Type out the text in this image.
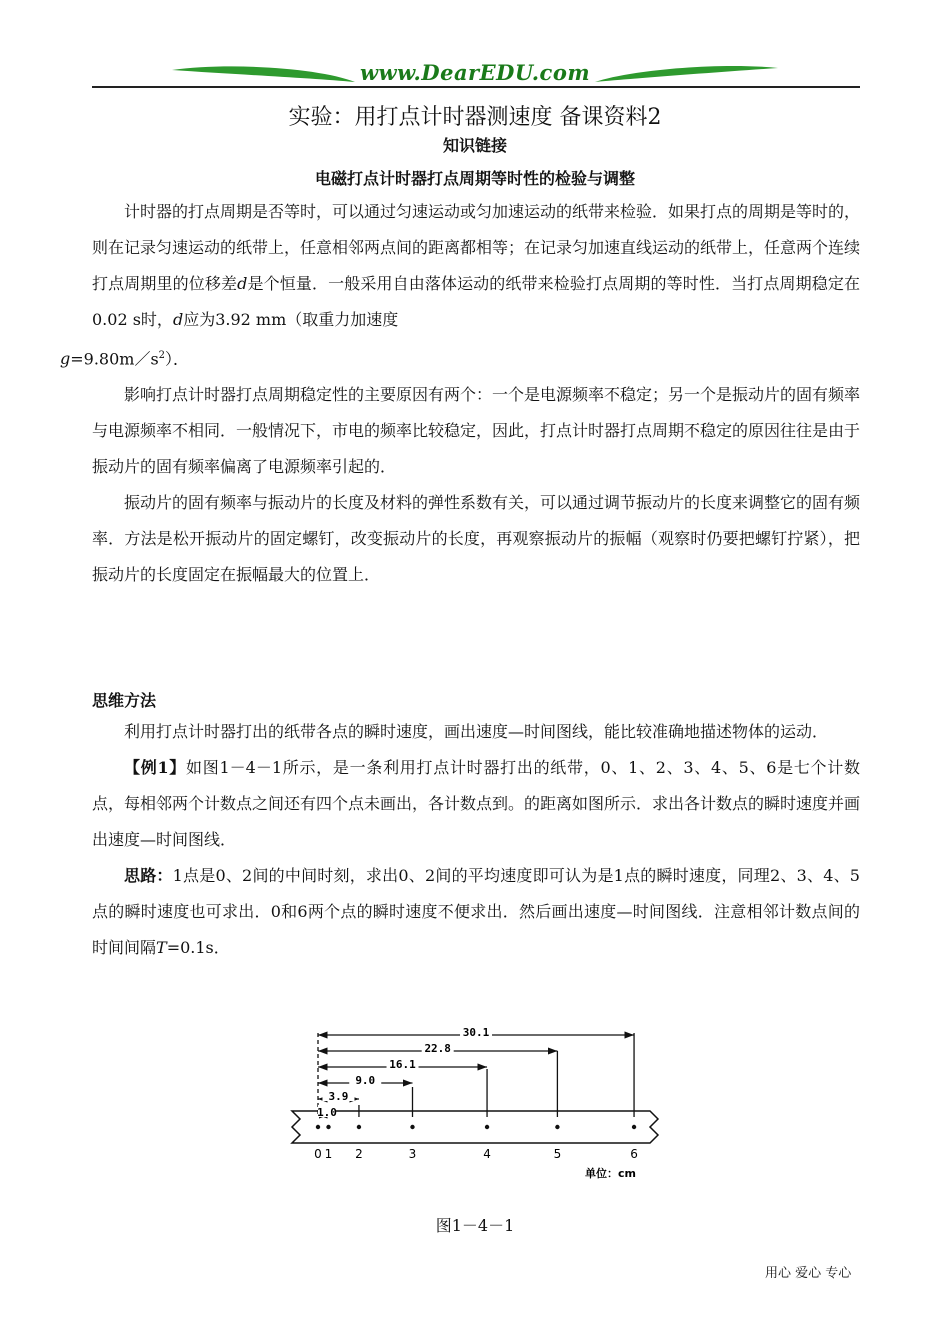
www.DearEDU.com
实验：用打点计时器测速度 备课资料2
知识链接
电磁打点计时器打点周期等时性的检验与调整

计时器的打点周期是否等时，可以通过匀速运动或匀加速运动的纸带来检验．如果打点的周期是等时的，则在记录匀速运动的纸带上，任意相邻两点间的距离都相等；在记录匀加速直线运动的纸带上，任意两个连续打点周期里的位移差d是个恒量．一般采用自由落体运动的纸带来检验打点周期的等时性．当打点周期稳定在0.02 s时，d应为3.92 mm（取重力加速度
$g=9.80m/s^2$）．

影响打点计时器打点周期稳定性的主要原因有两个：一个是电源频率不稳定；另一个是振动片的固有频率与电源频率不相同．一般情况下，市电的频率比较稳定，因此，打点计时器打点周期不稳定的原因往往是由于振动片的固有频率偏离了电源频率引起的．

振动片的固有频率与振动片的长度及材料的弹性系数有关，可以通过调节振动片的长度来调整它的固有频率．方法是松开振动片的固定螺钉，改变振动片的长度，再观察振动片的振幅（观察时仍要把螺钉拧紧），把振动片的长度固定在振幅最大的位置上．

思维方法

利用打点计时器打出的纸带各点的瞬时速度，画出速度—时间图线，能比较准确地描述物体的运动．

【例1】如图1－4－1所示，是一条利用打点计时器打出的纸带，0、1、2、3、4、5、6是七个计数点，每相邻两个计数点之间还有四个点未画出，各计数点到。的距离如图所示．求出各计数点的瞬时速度并画出速度—时间图线．

思路：1点是0、2间的中间时刻，求出0、2间的平均速度即可认为是1点的瞬时速度，同理2、3、4、5点的瞬时速度也可求出．0和6两个点的瞬时速度不便求出．然后画出速度—时间图线．注意相邻计数点间的时间间隔T=0.1s．

0 1 2	3	4	5	6
1.0
3.9
9.0
16.1
22.8
30.1
单位：cm
图1－4－1
用心 爱心 专心
